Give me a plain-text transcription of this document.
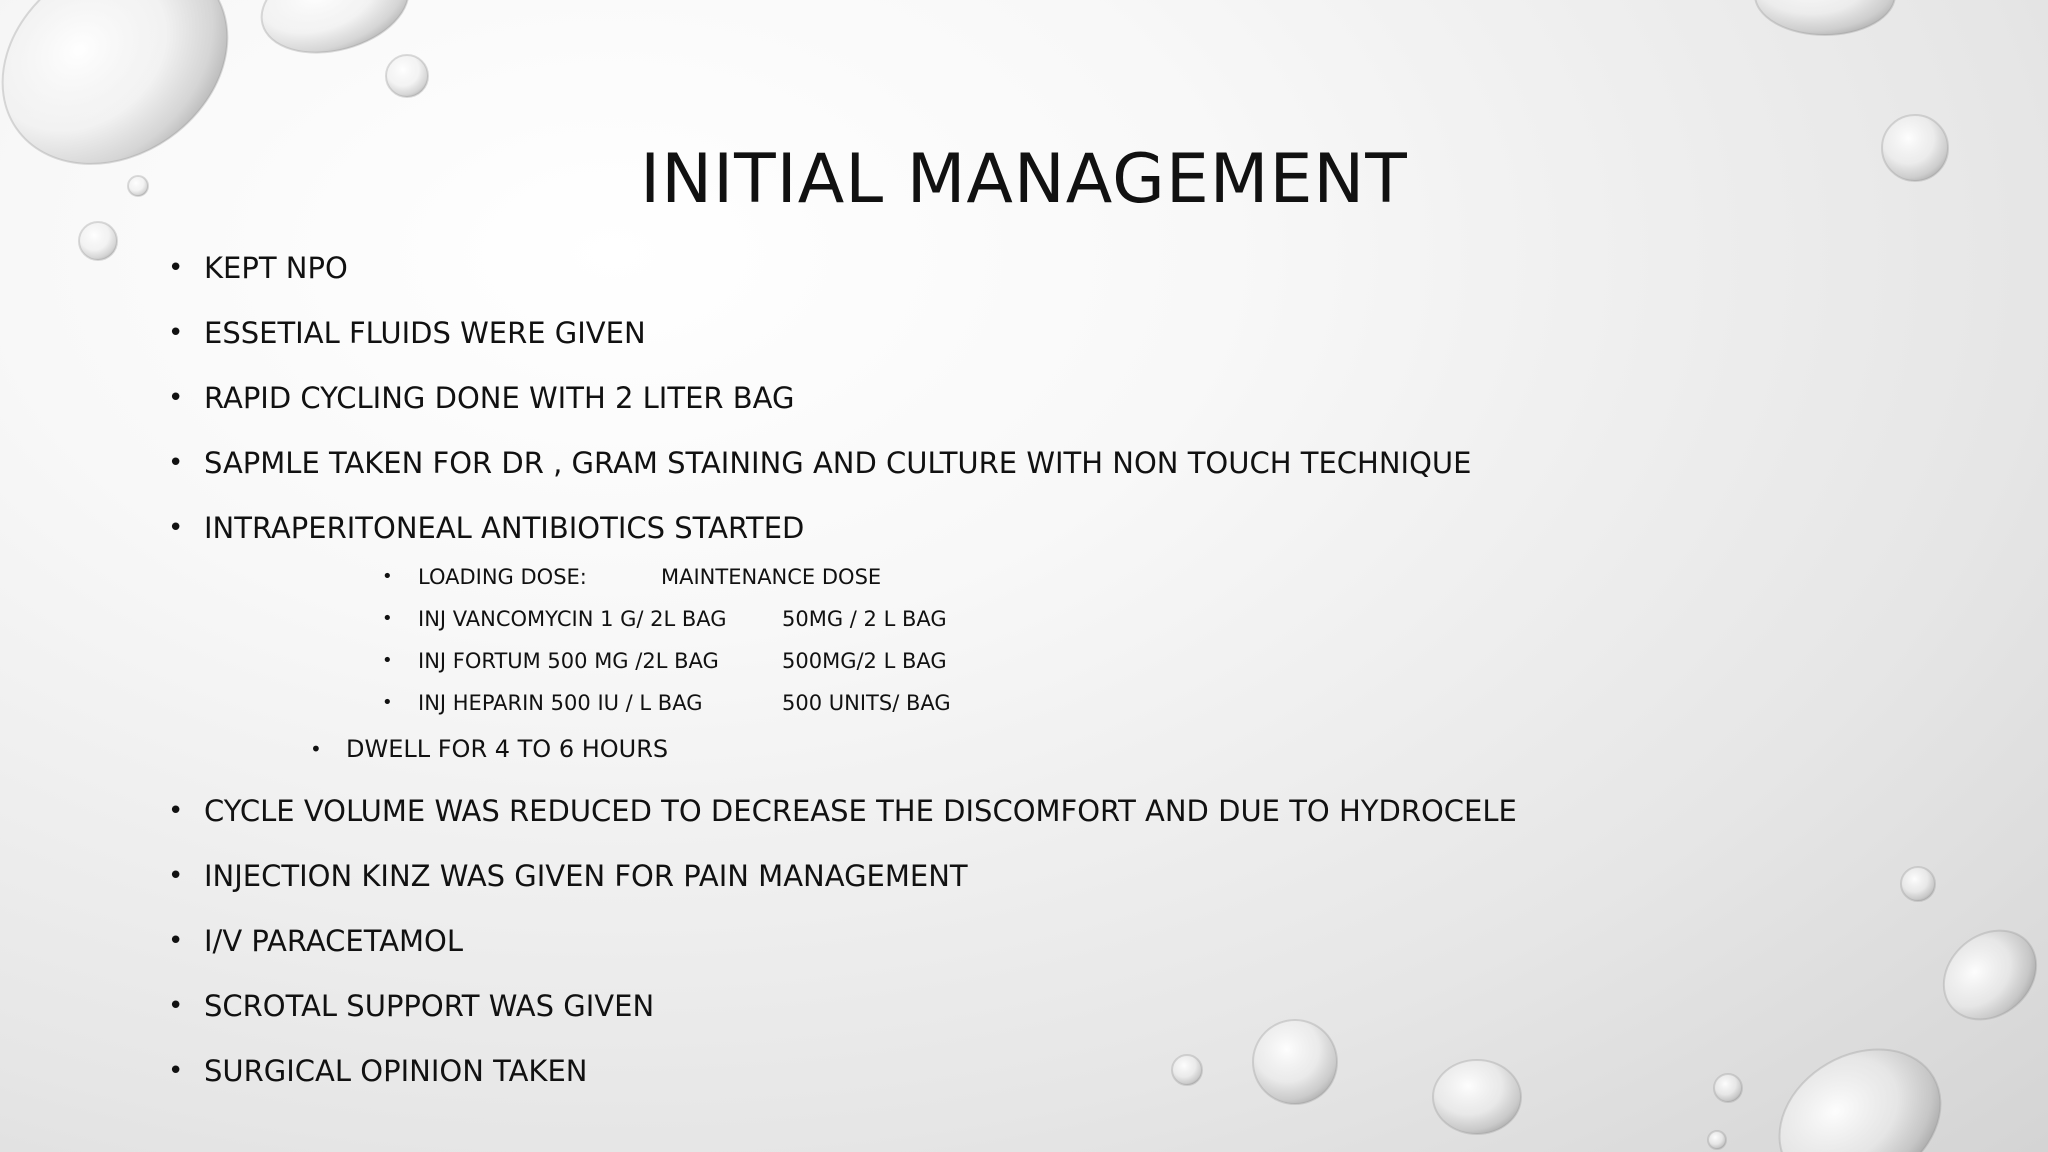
INITIAL MANAGEMENT
• KEPT NPO
• ESSETIAL FLUIDS WERE GIVEN
• RAPID CYCLING DONE WITH 2 LITER BAG
• SAPMLE TAKEN FOR DR , GRAM STAINING AND CULTURE WITH NON TOUCH TECHNIQUE
• INTRAPERITONEAL ANTIBIOTICS STARTED
• LOADING DOSE:	MAINTENANCE DOSE
• INJ VANCOMYCIN 1 G/ 2L BAG	50MG / 2 L BAG
• INJ FORTUM 500 MG /2L BAG	500MG/2 L BAG
• INJ HEPARIN 500 IU / L BAG	500 UNITS/ BAG
• DWELL FOR 4 TO 6 HOURS
• CYCLE VOLUME WAS REDUCED TO DECREASE THE DISCOMFORT AND DUE TO HYDROCELE
• INJECTION KINZ WAS GIVEN FOR PAIN MANAGEMENT
• I/V PARACETAMOL
• SCROTAL SUPPORT WAS GIVEN
• SURGICAL OPINION TAKEN
